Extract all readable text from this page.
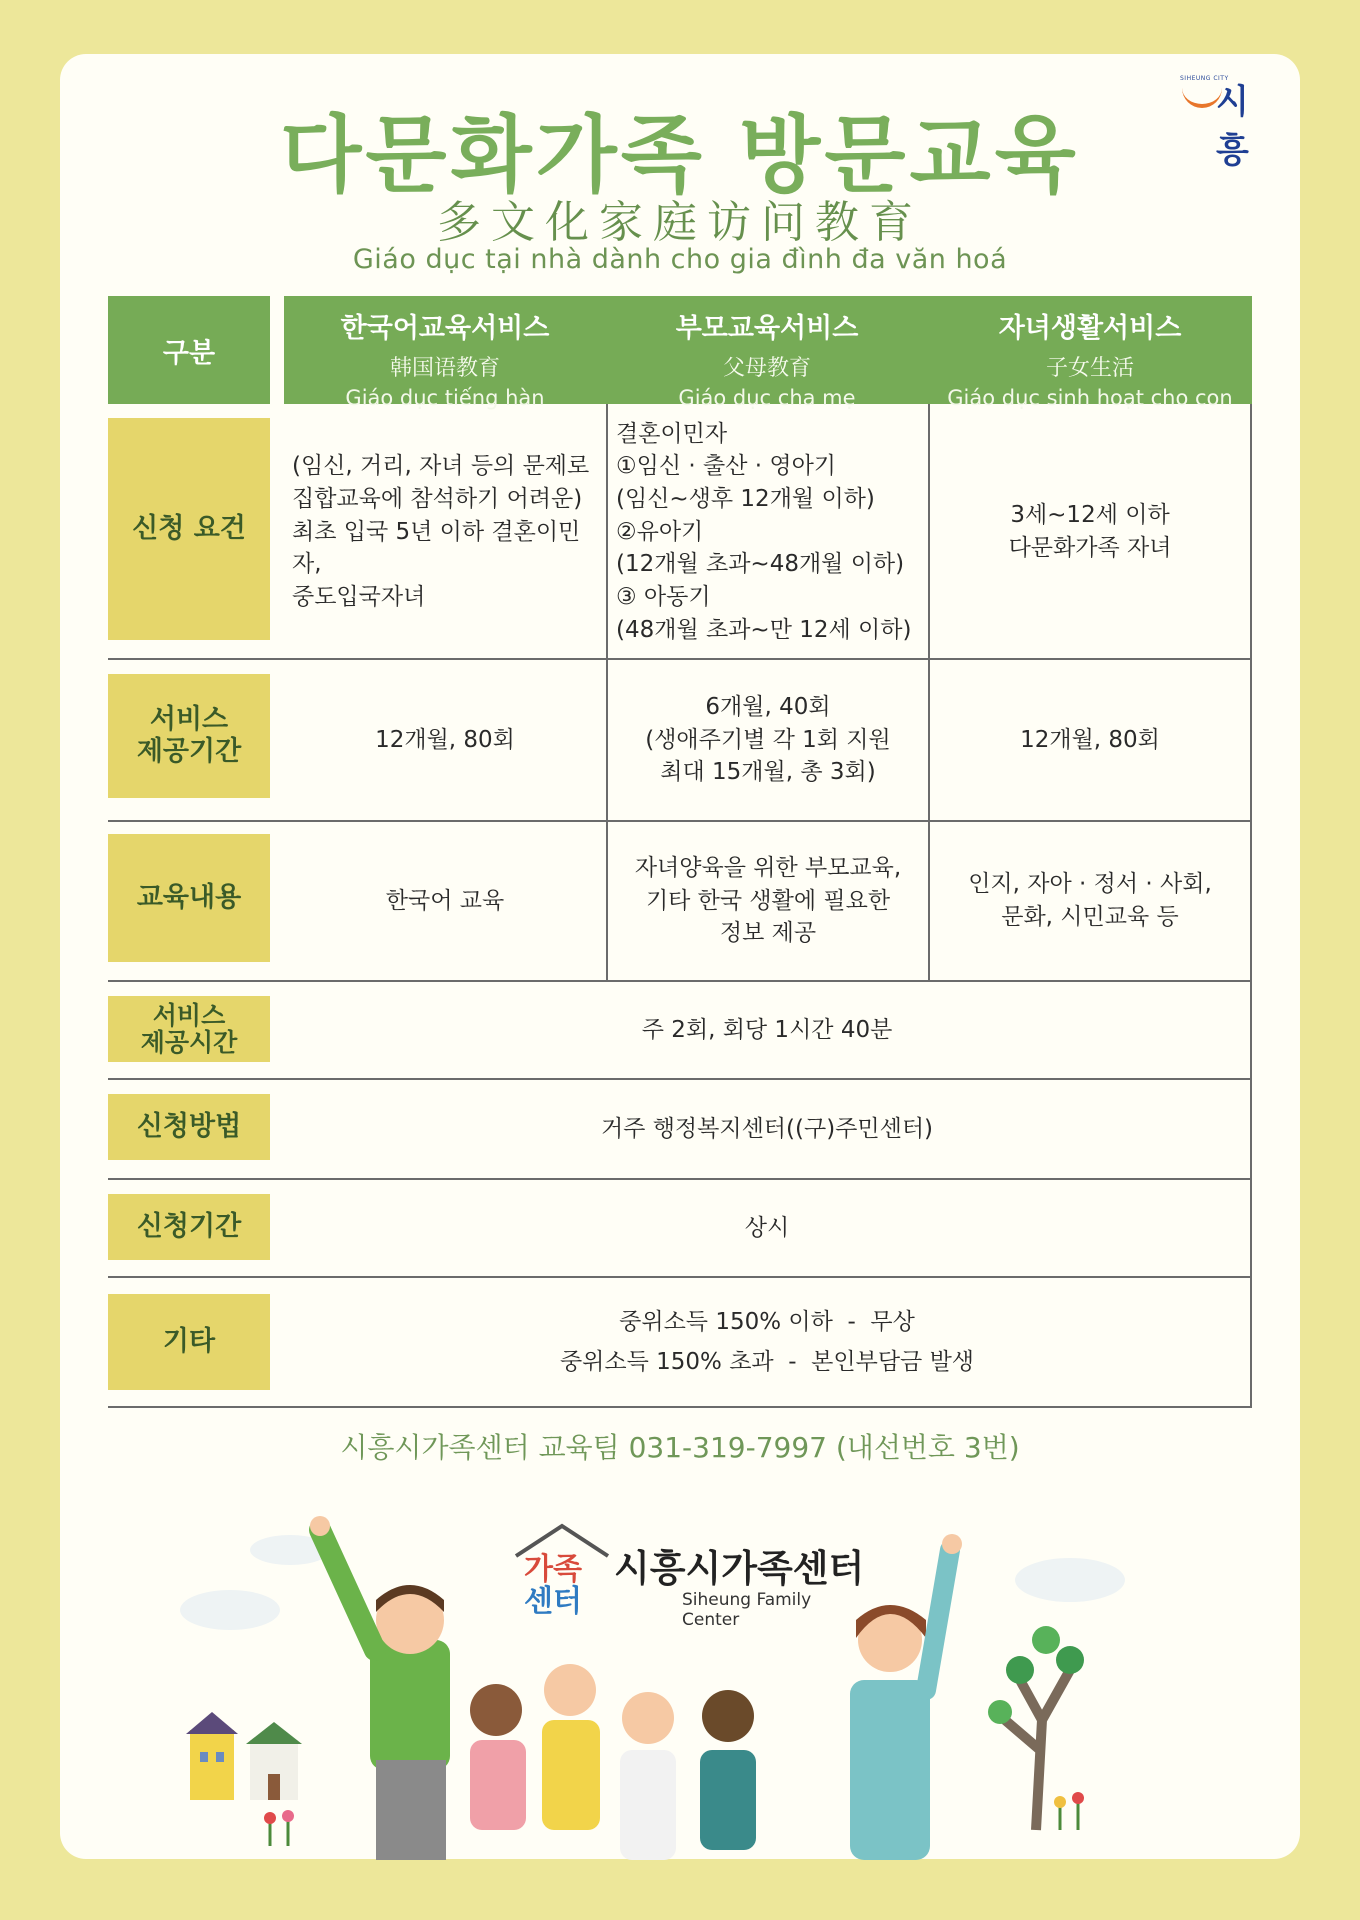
SIHEUNG CITY
시흥
다문화가족 방문교육
多文化家庭访问教育
Giáo dục tại nhà dành cho gia đình đa văn hoá
구분
한국어교육서비스
韩国语教育
Giáo dục tiếng hàn
부모교육서비스
父母教育
Giáo dục cha mẹ
자녀생활서비스
子女生活
Giáo dục sinh hoạt cho con
신청 요건
서비스
제공기간
교육내용
서비스
제공시간
신청방법
신청기간
기타
(임신, 거리, 자녀 등의 문제로
집합교육에 참석하기 어려운)
최초 입국 5년 이하 결혼이민자,
중도입국자녀
결혼이민자
①임신 · 출산 · 영아기
(임신~생후 12개월 이하)
②유아기
(12개월 초과~48개월 이하)
③ 아동기
(48개월 초과~만 12세 이하)
3세~12세 이하
다문화가족 자녀
12개월, 80회
6개월, 40회
(생애주기별 각 1회 지원
최대 15개월, 총 3회)
12개월, 80회
한국어 교육
자녀양육을 위한 부모교육,
기타 한국 생활에 필요한
정보 제공
인지, 자아 · 정서 · 사회,
문화, 시민교육 등
주 2회, 회당 1시간 40분
거주 행정복지센터((구)주민센터)
상시
중위소득 150% 이하  -  무상
중위소득 150% 초과  -  본인부담금 발생
시흥시가족센터 교육팀 031-319-7997 (내선번호 3번)
가족
센터
시흥시가족센터
Siheung Family Center
